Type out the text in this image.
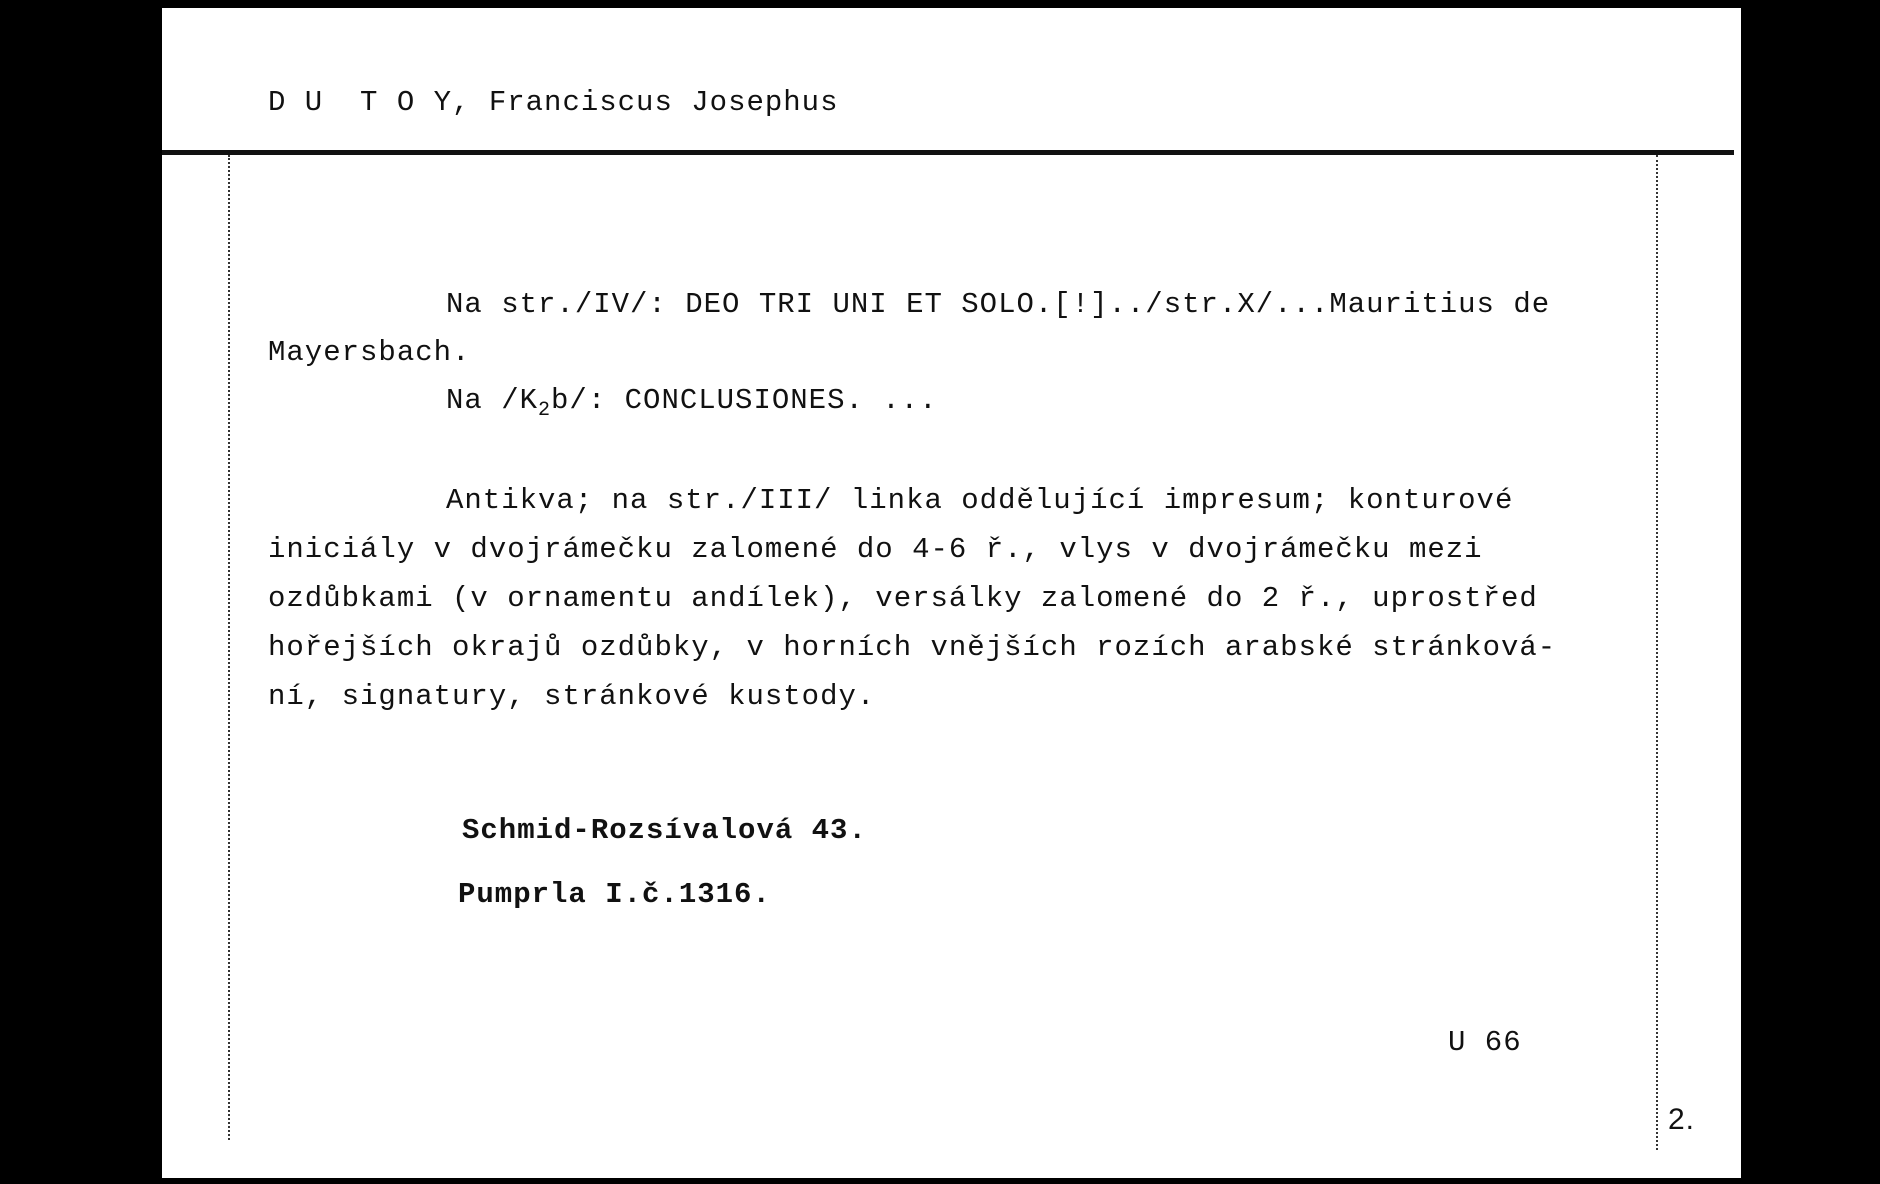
D U  T O Y, Franciscus Josephus
Na str./IV/: DEO TRI UNI ET SOLO.[!]../str.X/...Mauritius de
Mayersbach.
Na $/K_2b/$: CONCLUSIONES. ...
Antikva; na str./III/ linka oddělující impresum; konturové
iniciály v dvojrámečku zalomené do 4-6 ř., vlys v dvojrámečku mezi
ozdůbkami (v ornamentu andílek), versálky zalomené do 2 ř., uprostřed
hořejších okrajů ozdůbky, v horních vnějších rozích arabské stránková-
ní, signatury, stránkové kustody.
Schmid-Rozsívalová 43.
Pumprla I.č.1316.
U 66
2.
